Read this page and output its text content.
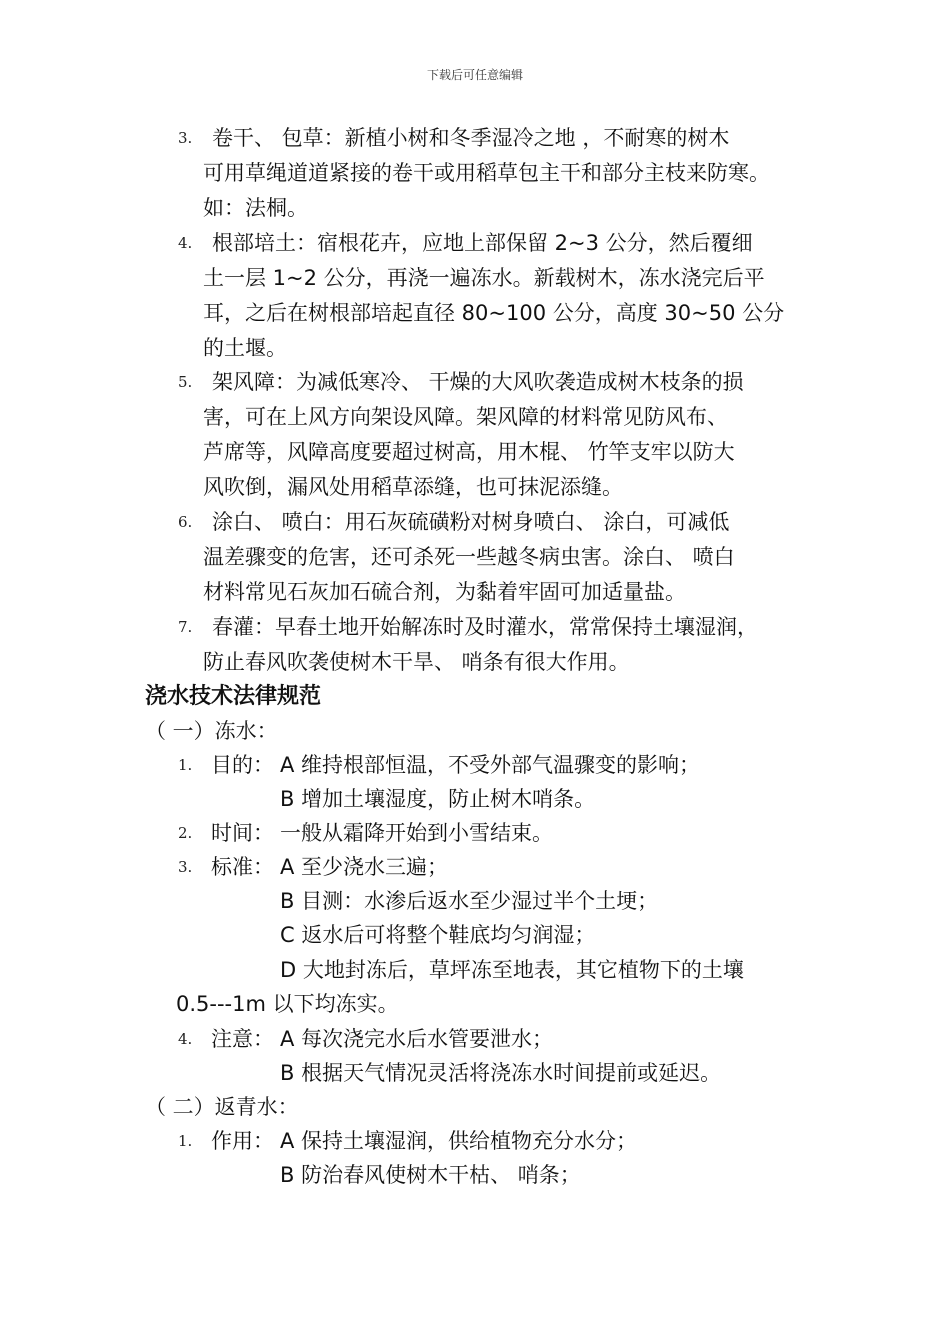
下载后可任意编辑
3. 卷干、 包草：新植小树和冬季湿冷之地 ，不耐寒的树木
可用草绳道道紧接的卷干或用稻草包主干和部分主枝来防寒。
如：法桐。
4. 根部培土：宿根花卉，应地上部保留 2~3 公分，然后覆细
土一层 1~2 公分，再浇一遍冻水。新载树木，冻水浇完后平
耳，之后在树根部培起直径 80~100 公分，高度 30~50 公分
的土堰。
5. 架风障：为减低寒冷、 干燥的大风吹袭造成树木枝条的损
害，可在上风方向架设风障。架风障的材料常见防风布、
芦席等，风障高度要超过树高，用木棍、 竹竿支牢以防大
风吹倒，漏风处用稻草添缝，也可抹泥添缝。
6. 涂白、 喷白：用石灰硫磺粉对树身喷白、 涂白，可减低
温差骤变的危害，还可杀死一些越冬病虫害。涂白、 喷白
材料常见石灰加石硫合剂，为黏着牢固可加适量盐。
7. 春灌：早春土地开始解冻时及时灌水，常常保持土壤湿润，
防止春风吹袭使树木干旱、 哨条有很大作用。
浇水技术法律规范
（ 一）冻水：
1. 目的： A 维持根部恒温，不受外部气温骤变的影响；
B 增加土壤湿度，防止树木哨条。
2. 时间： 一般从霜降开始到小雪结束。
3. 标准： A 至少浇水三遍；
B 目测：水渗后返水至少湿过半个土埂；
C 返水后可将整个鞋底均匀润湿；
D 大地封冻后，草坪冻至地表，其它植物下的土壤
0.5---1m 以下均冻实。
4. 注意： A 每次浇完水后水管要泄水；
B 根据天气情况灵活将浇冻水时间提前或延迟。
（ 二）返青水：
1. 作用： A 保持土壤湿润，供给植物充分水分；
B 防治春风使树木干枯、 哨条；
